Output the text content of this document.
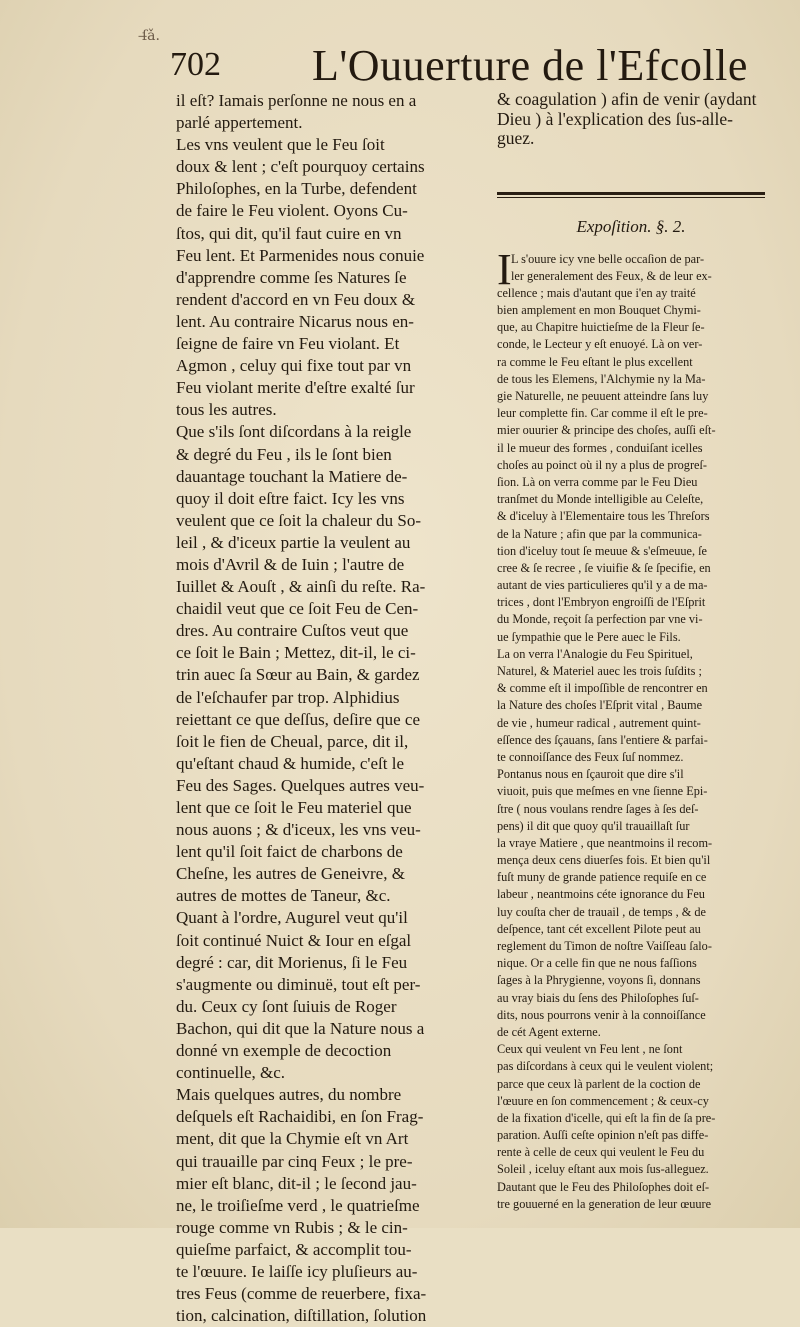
ſ̶̶ǎ.
702 L'Ouuerture de l'Efcolle
il eſt? Iamais perſonne ne nous en a
parlé appertement.
Les vns veulent que le Feu ſoit
doux & lent ; c'eſt pourquoy certains
Philoſophes, en la Turbe, defendent
de faire le Feu violent. Oyons Cu-
ſtos, qui dit, qu'il faut cuire en vn
Feu lent. Et Parmenides nous conuie
d'apprendre comme ſes Natures ſe
rendent d'accord en vn Feu doux &
lent. Au contraire Nicarus nous en-
ſeigne de faire vn Feu violant. Et
Agmon , celuy qui fixe tout par vn
Feu violant merite d'eſtre exalté ſur
tous les autres.
Que s'ils ſont diſcordans à la reigle
& degré du Feu , ils le ſont bien
dauantage touchant la Matiere de-
quoy il doit eſtre faict. Icy les vns
veulent que ce ſoit la chaleur du So-
leil , & d'iceux partie la veulent au
mois d'Avril & de Iuin ; l'autre de
Iuillet & Aouſt , & ainſi du reſte. Ra-
chaidil veut que ce ſoit Feu de Cen-
dres. Au contraire Cuſtos veut que
ce ſoit le Bain ; Mettez, dit-il, le ci-
trin auec ſa Sœur au Bain, & gardez
de l'eſchaufer par trop. Alphidius
reiettant ce que deſſus, deſire que ce
ſoit le fien de Cheual, parce, dit il,
qu'eſtant chaud & humide, c'eſt le
Feu des Sages. Quelques autres veu-
lent que ce ſoit le Feu materiel que
nous auons ; & d'iceux, les vns veu-
lent qu'il ſoit faict de charbons de
Cheſne, les autres de Geneivre, &
autres de mottes de Taneur, &c.
Quant à l'ordre, Augurel veut qu'il
ſoit continué Nuict & Iour en eſgal
degré : car, dit Morienus, ſi le Feu
s'augmente ou diminuë, tout eſt per-
du. Ceux cy ſont ſuiuis de Roger
Bachon, qui dit que la Nature nous a
donné vn exemple de decoction
continuelle, &c.
Mais quelques autres, du nombre
deſquels eſt Rachaidibi, en ſon Frag-
ment, dit que la Chymie eſt vn Art
qui trauaille par cinq Feux ; le pre-
mier eſt blanc, dit-il ; le ſecond jau-
ne, le troiſieſme verd , le quatrieſme
rouge comme vn Rubis ; & le cin-
quieſme parfaict, & accomplit tou-
te l'œuure. Ie laiſſe icy pluſieurs au-
tres Feus (comme de reuerbere, fixa-
tion, calcination, diſtillation, ſolution
& coagulation ) afin de venir (aydant
Dieu ) à l'explication des ſus-alle-
guez.
Expoſition. §. 2.
I L s'ouure icy vne belle occaſion de par-
ler generalement des Feux, & de leur ex-
cellence ; mais d'autant que i'en ay traité
bien amplement en mon Bouquet Chymi-
que, au Chapitre huictieſme de la Fleur ſe-
conde, le Lecteur y eſt enuoyé. Là on ver-
ra comme le Feu eſtant le plus excellent
de tous les Elemens, l'Alchymie ny la Ma-
gie Naturelle, ne peuuent atteindre ſans luy
leur complette fin. Car comme il eſt le pre-
mier ouurier & principe des choſes, auſſi eſt-
il le mueur des formes , conduiſant icelles
choſes au poinct où il ny a plus de progreſ-
ſion. Là on verra comme par le Feu Dieu
tranſmet du Monde intelligible au Celeſte,
& d'iceluy à l'Elementaire tous les Threſors
de la Nature ; afin que par la communica-
tion d'iceluy tout ſe meuue & s'eſmeuue, ſe
cree & ſe recree , ſe viuifie & ſe ſpecifie, en
autant de vies particulieres qu'il y a de ma-
trices , dont l'Embryon engroiſſi de l'Eſprit
du Monde, reçoit ſa perfection par vne vi-
ue ſympathie que le Pere auec le Fils.
La on verra l'Analogie du Feu Spirituel,
Naturel, & Materiel auec les trois ſuſdits ;
& comme eſt il impoſſible de rencontrer en
la Nature des choſes l'Eſprit vital , Baume
de vie , humeur radical , autrement quint-
eſſence des ſçauans, ſans l'entiere & parfai-
te connoiſſance des Feux ſuſ nommez.
Pontanus nous en ſçauroit que dire s'il
viuoit, puis que meſmes en vne ſienne Epi-
ſtre ( nous voulans rendre ſages à ſes deſ-
pens) il dit que quoy qu'il trauaillaſt ſur
la vraye Matiere , que neantmoins il recom-
mença deux cens diuerſes fois. Et bien qu'il
fuſt muny de grande patience requiſe en ce
labeur , neantmoins céte ignorance du Feu
luy couſta cher de trauail , de temps , & de
deſpence, tant cét excellent Pilote peut au
reglement du Timon de noſtre Vaiſſeau ſalo-
nique. Or a celle fin que ne nous faſſions
ſages à la Phrygienne, voyons ſi, donnans
au vray biais du ſens des Philoſophes ſuſ-
dits, nous pourrons venir à la connoiſſance
de cét Agent externe.
Ceux qui veulent vn Feu lent , ne ſont
pas diſcordans à ceux qui le veulent violent;
parce que ceux là parlent de la coction de
l'œuure en ſon commencement ; & ceux-cy
de la fixation d'icelle, qui eſt la fin de ſa pre-
paration. Auſſi ceſte opinion n'eſt pas diffe-
rente à celle de ceux qui veulent le Feu du
Soleil , iceluy eſtant aux mois ſus-alleguez.
Dautant que le Feu des Philoſophes doit eſ-
tre gouuerné en la generation de leur œuure
